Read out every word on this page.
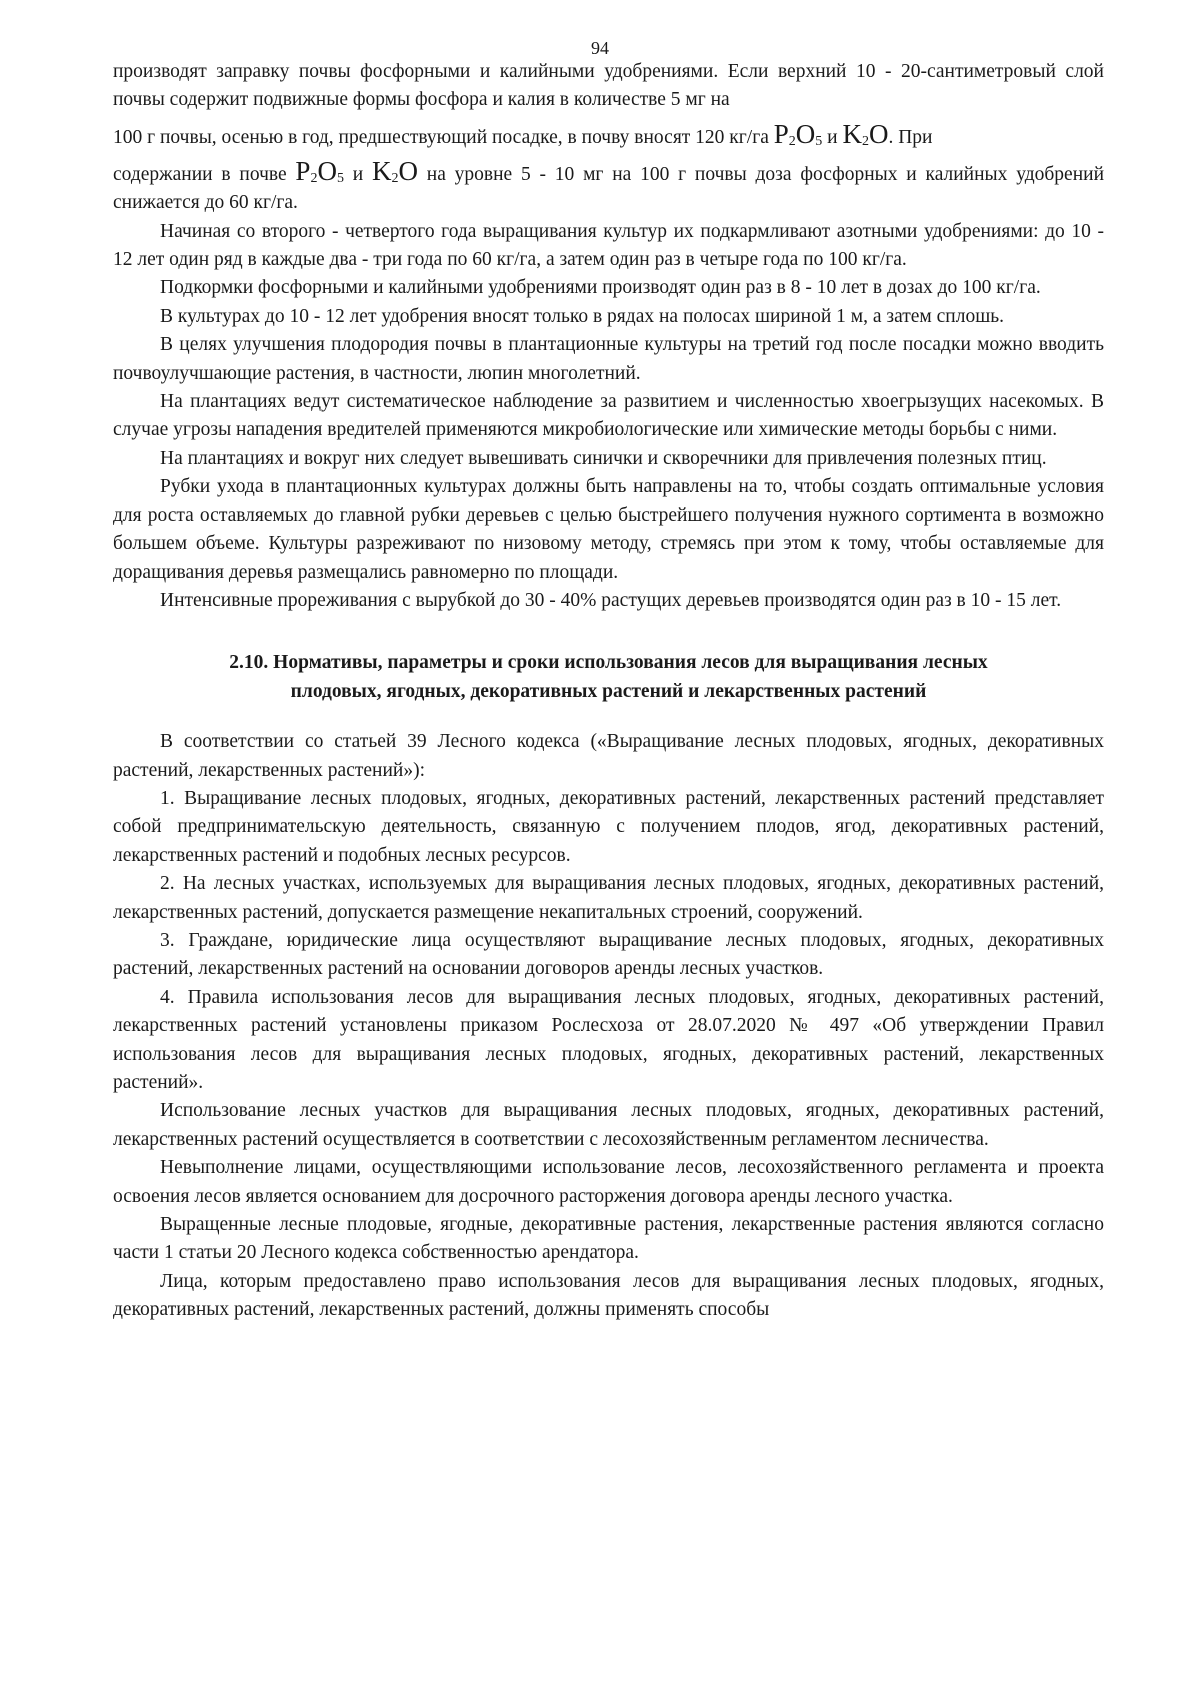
94

производят заправку почвы фосфорными и калийными удобрениями. Если верхний 10 - 20-сантиметровый слой почвы содержит подвижные формы фосфора и калия в количестве 5 мг на

100 г почвы, осенью в год, предшествующий посадке, в почву вносят 120 кг/га $P_2O_5$ и $K_2O$. При

содержании в почве $P_2O_5$ и $K_2O$ на уровне 5 - 10 мг на 100 г почвы доза фосфорных и калийных удобрений снижается до 60 кг/га.

Начиная со второго - четвертого года выращивания культур их подкармливают азотными удобрениями: до 10 - 12 лет один ряд в каждые два - три года по 60 кг/га, а затем один раз в четыре года по 100 кг/га.

Подкормки фосфорными и калийными удобрениями производят один раз в 8 - 10 лет в дозах до 100 кг/га.

В культурах до 10 - 12 лет удобрения вносят только в рядах на полосах шириной 1 м, а затем сплошь.

В целях улучшения плодородия почвы в плантационные культуры на третий год после посадки можно вводить почвоулучшающие растения, в частности, люпин многолетний.

На плантациях ведут систематическое наблюдение за развитием и численностью хвоегрызущих насекомых. В случае угрозы нападения вредителей применяются микробиологические или химические методы борьбы с ними.

На плантациях и вокруг них следует вывешивать синички и скворечники для привлечения полезных птиц.

Рубки ухода в плантационных культурах должны быть направлены на то, чтобы создать оптимальные условия для роста оставляемых до главной рубки деревьев с целью быстрейшего получения нужного сортимента в возможно большем объеме. Культуры разреживают по низовому методу, стремясь при этом к тому, чтобы оставляемые для доращивания деревья размещались равномерно по площади.

Интенсивные прореживания с вырубкой до 30 - 40% растущих деревьев производятся один раз в 10 - 15 лет.

2.10. Нормативы, параметры и сроки использования лесов для выращивания лесных
плодовых, ягодных, декоративных растений и лекарственных растений

В соответствии со статьей 39 Лесного кодекса («Выращивание лесных плодовых, ягодных, декоративных растений, лекарственных растений»):

1. Выращивание лесных плодовых, ягодных, декоративных растений, лекарственных растений представляет собой предпринимательскую деятельность, связанную с получением плодов, ягод, декоративных растений, лекарственных растений и подобных лесных ресурсов.

2. На лесных участках, используемых для выращивания лесных плодовых, ягодных, декоративных растений, лекарственных растений, допускается размещение некапитальных строений, сооружений.

3. Граждане, юридические лица осуществляют выращивание лесных плодовых, ягодных, декоративных растений, лекарственных растений на основании договоров аренды лесных участков.

4. Правила использования лесов для выращивания лесных плодовых, ягодных, декоративных растений, лекарственных растений установлены приказом Рослесхоза от 28.07.2020 № 497 «Об утверждении Правил использования лесов для выращивания лесных плодовых, ягодных, декоративных растений, лекарственных растений».

Использование лесных участков для выращивания лесных плодовых, ягодных, декоративных растений, лекарственных растений осуществляется в соответствии с лесохозяйственным регламентом лесничества.

Невыполнение лицами, осуществляющими использование лесов, лесохозяйственного регламента и проекта освоения лесов является основанием для досрочного расторжения договора аренды лесного участка.

Выращенные лесные плодовые, ягодные, декоративные растения, лекарственные растения являются согласно части 1 статьи 20 Лесного кодекса собственностью арендатора.

Лица, которым предоставлено право использования лесов для выращивания лесных плодовых, ягодных, декоративных растений, лекарственных растений, должны применять способы
